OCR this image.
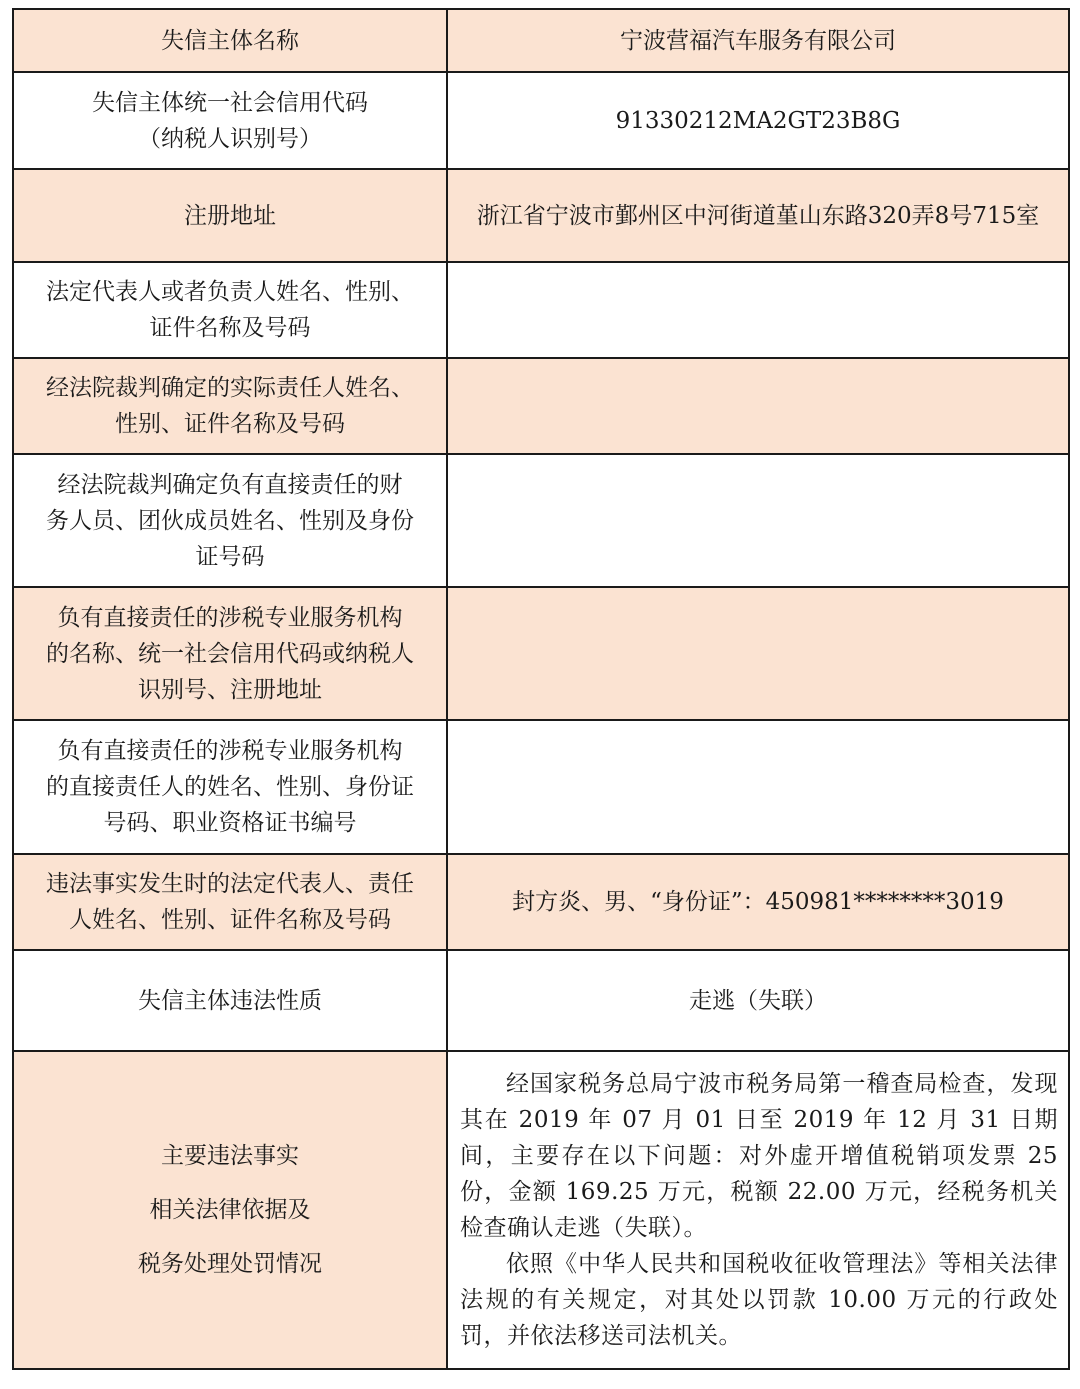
失信主体名称	宁波营福汽车服务有限公司

失信主体统一社会信用代码
（纳税人识别号）	91330212MA2GT23B8G

注册地址	浙江省宁波市鄞州区中河街道堇山东路320弄8号715室

法定代表人或者负责人姓名、性别、
证件名称及号码	

经法院裁判确定的实际责任人姓名、
性别、证件名称及号码	

经法院裁判确定负有直接责任的财
务人员、团伙成员姓名、性别及身份
证号码	

负有直接责任的涉税专业服务机构
的名称、统一社会信用代码或纳税人
识别号、注册地址	

负有直接责任的涉税专业服务机构
的直接责任人的姓名、性别、身份证
号码、职业资格证书编号	

违法事实发生时的法定代表人、责任
人姓名、性别、证件名称及号码	封方炎、男、“身份证”：450981********3019

失信主体违法性质	走逃（失联）

主要违法事实
相关法律依据及
税务处理处罚情况	经国家税务总局宁波市税务局第一稽查局检查，发现其在 2019 年 07 月 01 日至 2019 年 12 月 31 日期间，主要存在以下问题：对外虚开增值税销项发票 25 份，金额 169.25 万元，税额 22.00 万元，经税务机关检查确认走逃（失联）。
依照《中华人民共和国税收征收管理法》等相关法律法规的有关规定，对其处以罚款 10.00 万元的行政处罚，并依法移送司法机关。
